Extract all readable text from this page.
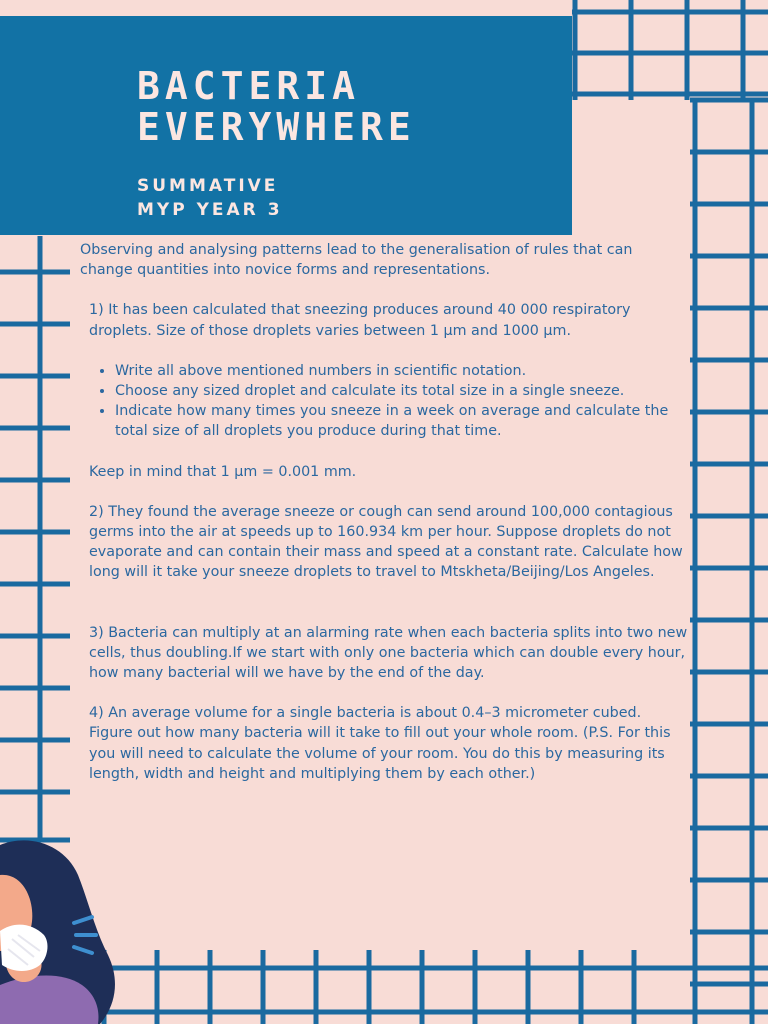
BACTERIA
EVERYWHERE
SUMMATIVE
MYP YEAR 3

Observing and analysing patterns lead to the generalisation of rules that can change quantities into novice forms and representations.

1) It has been calculated that sneezing produces around 40 000 respiratory droplets. Size of those droplets varies between 1 μm and 1000 μm.

• Write all above mentioned numbers in scientific notation.
• Choose any sized droplet and calculate its total size in a single sneeze.
• Indicate how many times you sneeze in a week on average and calculate the total size of all droplets you produce during that time.

Keep in mind that 1 μm = 0.001 mm.

2) They found the average sneeze or cough can send around 100,000 contagious germs into the air at speeds up to 160.934 km per hour. Suppose droplets do not evaporate and can contain their mass and speed at a constant rate. Calculate how long will it take your sneeze droplets to travel to Mtskheta/Beijing/Los Angeles.

3) Bacteria can multiply at an alarming rate when each bacteria splits into two new cells, thus doubling.If we start with only one bacteria which can double every hour, how many bacterial will we have by the end of the day.

4) An average volume for a single bacteria is about 0.4–3 micrometer cubed. Figure out how many bacteria will it take to fill out your whole room. (P.S. For this you will need to calculate the volume of your room. You do this by measuring its length, width and height and multiplying them by each other.)
